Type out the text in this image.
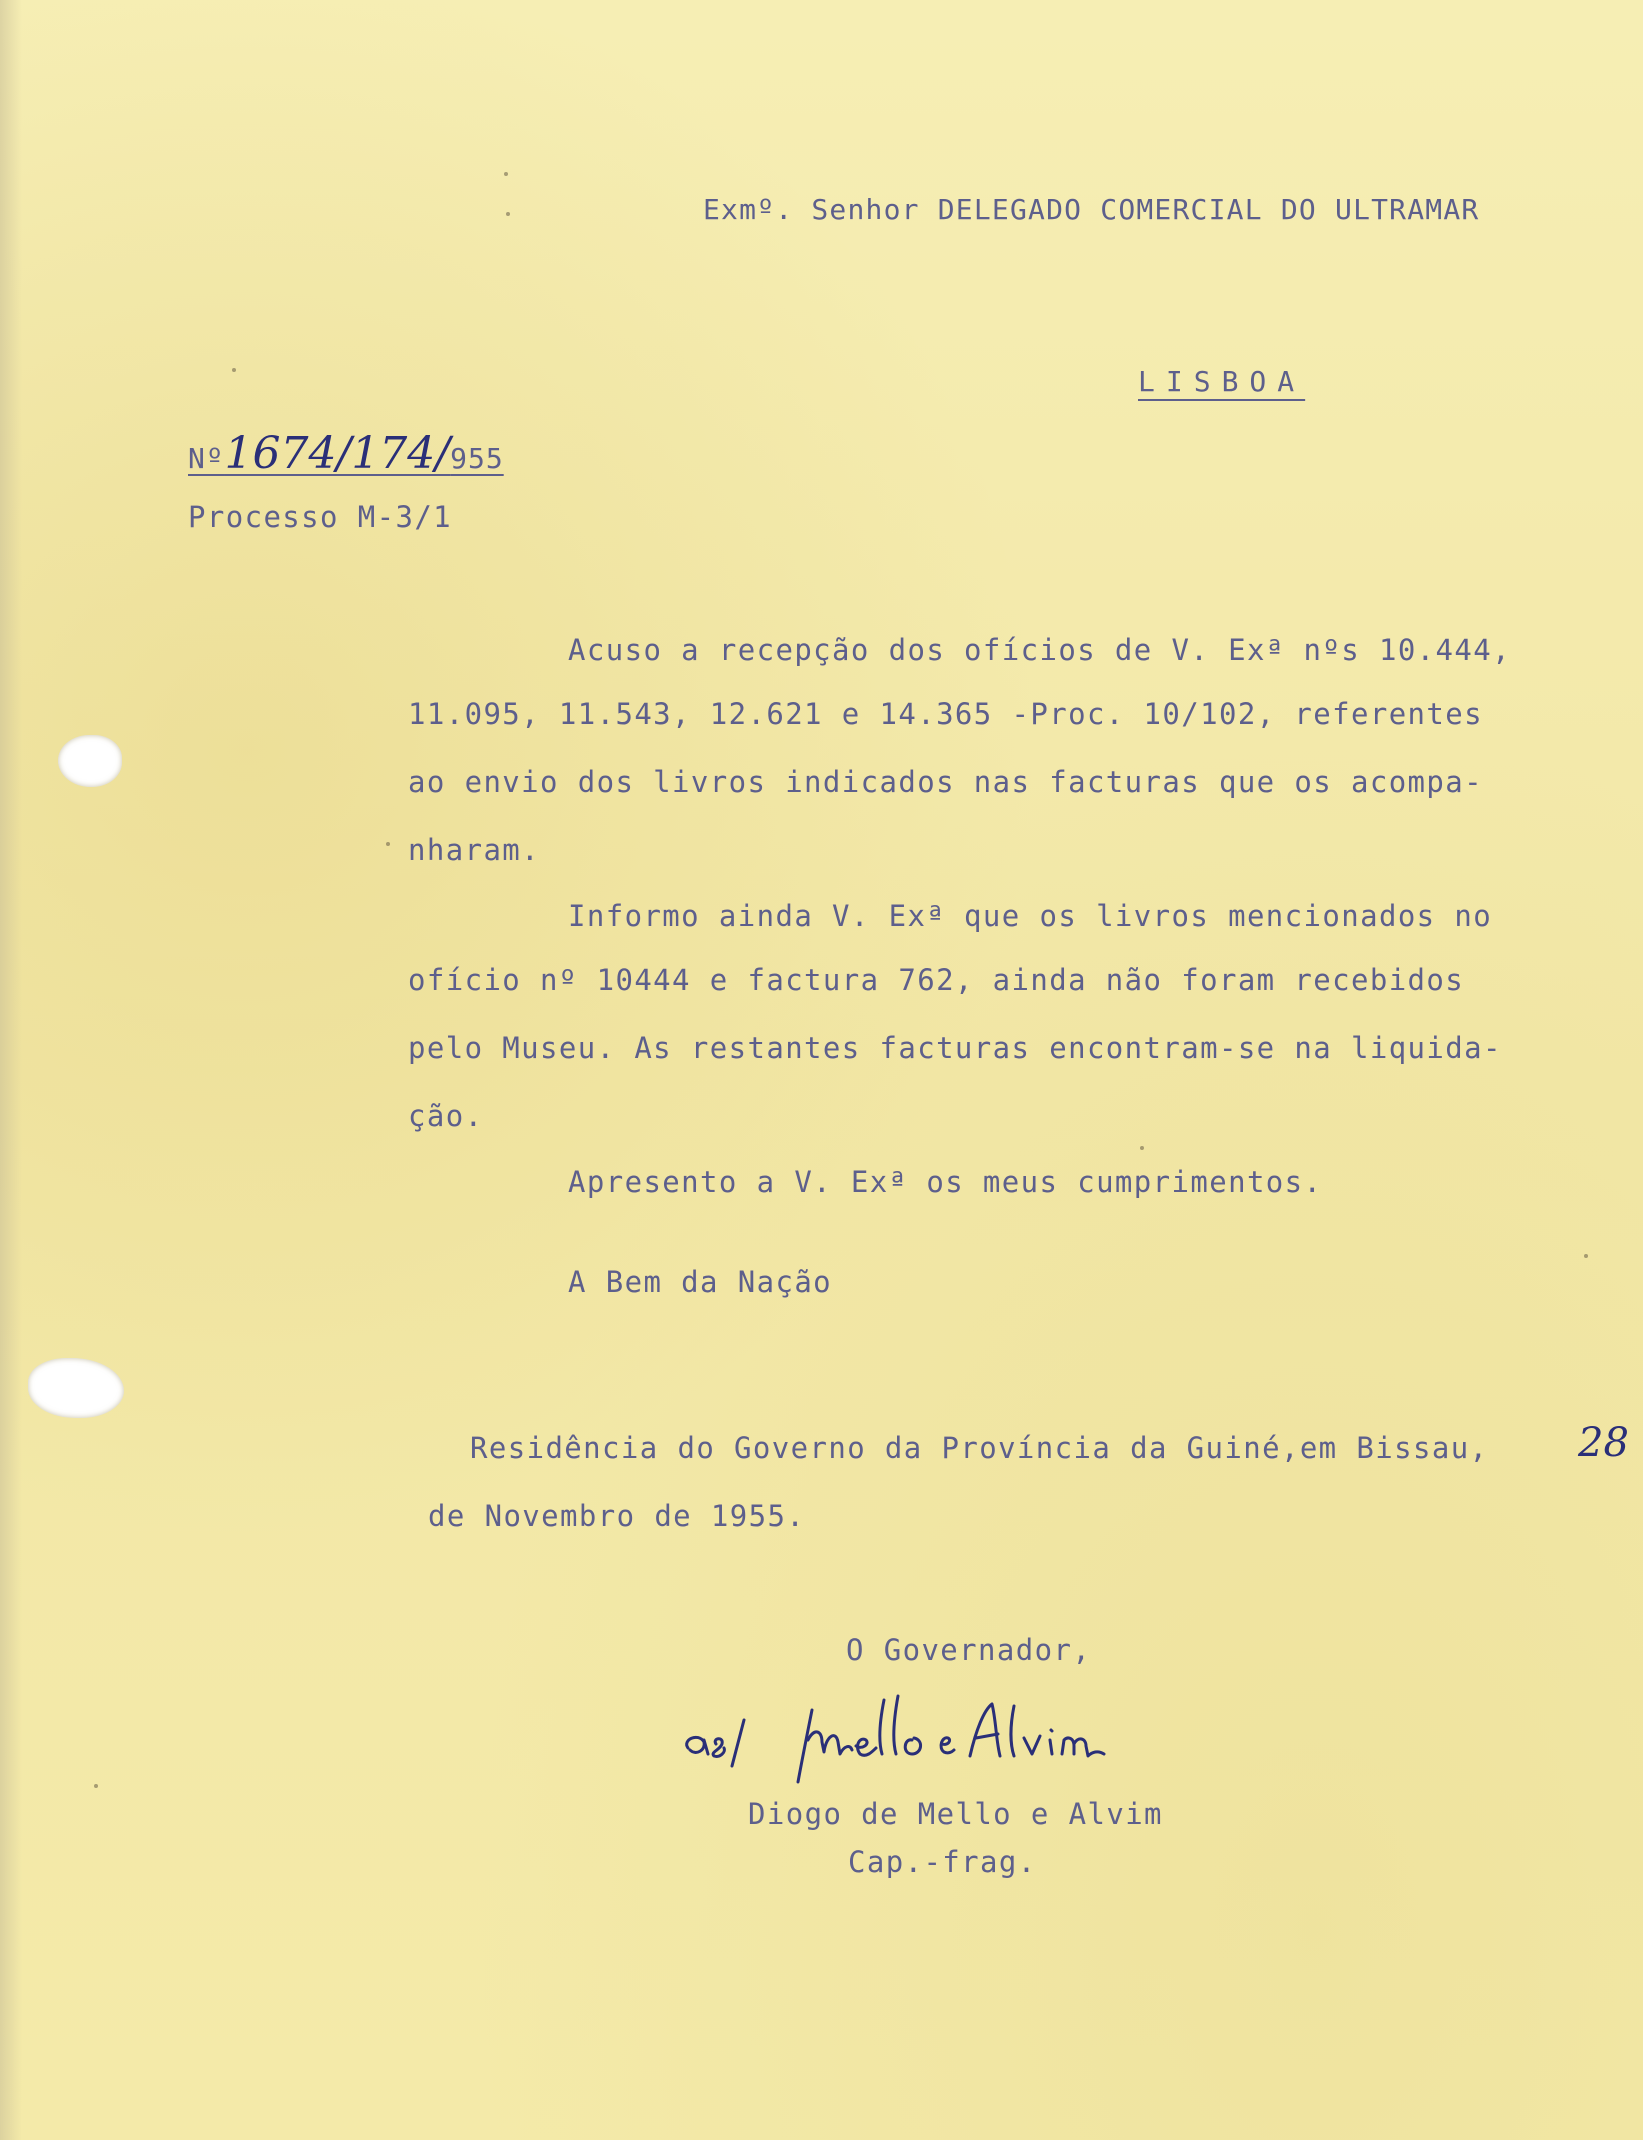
Exmº. Senhor DELEGADO COMERCIAL DO ULTRAMAR
LISBOA
Nº1674/174/955
Processo M-3/1
Acuso a recepção dos ofícios de V. Exª nºs 10.444,
11.095, 11.543, 12.621 e 14.365 -Proc. 10/102, referentes
ao envio dos livros indicados nas facturas que os acompa-
nharam.
Informo ainda V. Exª que os livros mencionados no
ofício nº 10444 e factura 762, ainda não foram recebidos
pelo Museu. As restantes facturas encontram-se na liquida-
ção.
Apresento a V. Exª os meus cumprimentos.
A Bem da Nação
Residência do Governo da Província da Guiné,em Bissau, 28
de Novembro de 1955.
O Governador,
Diogo de Mello e Alvim
Cap.-frag.
